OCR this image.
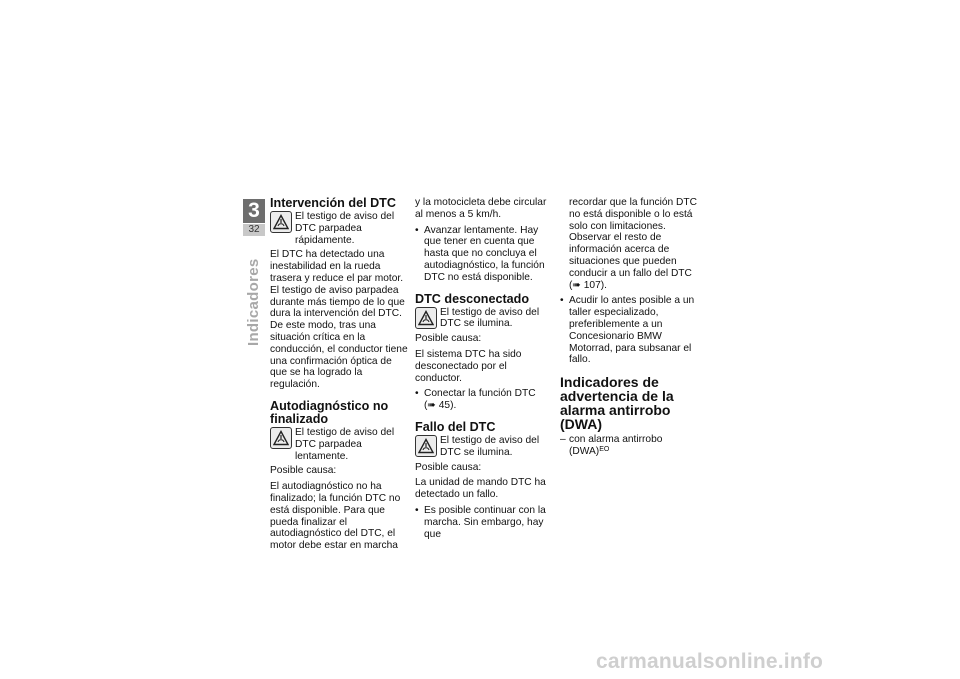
3
32
Indicadores
Intervención del DTC
El testigo de aviso del DTC parpadea rápidamente.

El DTC ha detectado una inestabilidad en la rueda trasera y reduce el par motor. El testigo de aviso parpadea durante más tiempo de lo que dura la intervención del DTC. De este modo, tras una situación crítica en la conducción, el conductor tiene una confirmación óptica de que se ha logrado la regulación.

Autodiagnóstico no finalizado
El testigo de aviso del DTC parpadea lentamente.

Posible causa:

El autodiagnóstico no ha finalizado; la función DTC no está disponible. Para que pueda finalizar el autodiagnóstico del DTC, el motor debe estar en marcha

y la motocicleta debe circular al menos a 5 km/h.

• Avanzar lentamente. Hay que tener en cuenta que hasta que no concluya el autodiagnóstico, la función DTC no está disponible.
DTC desconectado
El testigo de aviso del DTC se ilumina.

Posible causa:

El sistema DTC ha sido desconectado por el conductor.

• Conectar la función DTC
(➠ 45).
Fallo del DTC
El testigo de aviso del DTC se ilumina.

Posible causa:

La unidad de mando DTC ha detectado un fallo.

• Es posible continuar con la marcha. Sin embargo, hay que
recordar que la función DTC no está disponible o lo está solo con limitaciones. Observar el resto de información acerca de situaciones que pueden conducir a un fallo del DTC
(➠ 107).
• Acudir lo antes posible a un taller especializado, preferiblemente a un Concesionario BMW Motorrad, para subsanar el fallo.
Indicadores de advertencia de la alarma antirrobo (DWA)
– con alarma antirrobo (DWA)$^{EO}$
carmanualsonline.info
